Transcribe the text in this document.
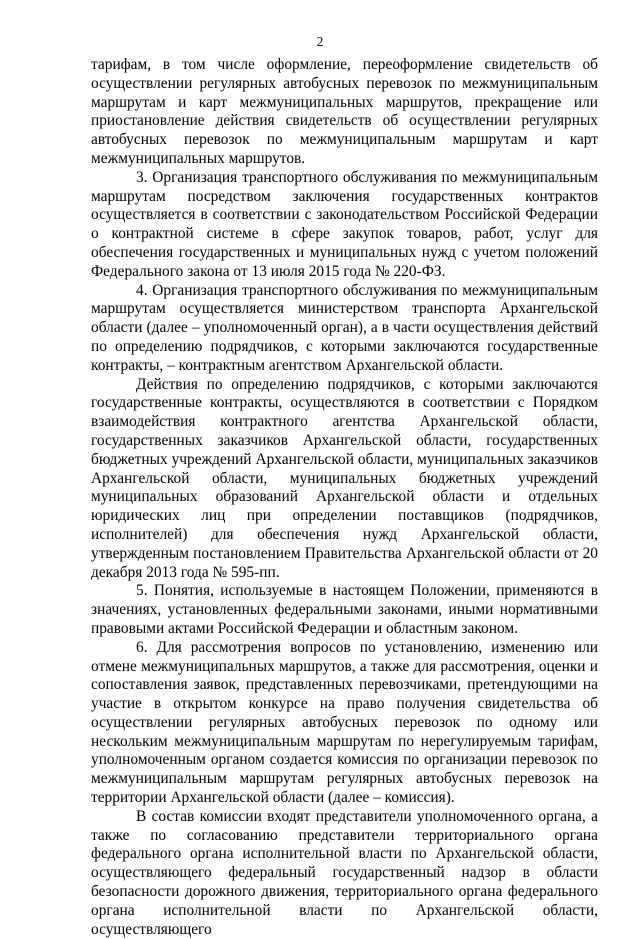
2

тарифам, в том числе оформление, переоформление свидетельств об осуществлении регулярных автобусных перевозок по межмуниципальным маршрутам и карт межмуниципальных маршрутов, прекращение или приостановление действия свидетельств об осуществлении регулярных автобусных перевозок по межмуниципальным маршрутам и карт межмуниципальных маршрутов.

3. Организация транспортного обслуживания по межмуниципальным маршрутам посредством заключения государственных контрактов осуществляется в соответствии с законодательством Российской Федерации о контрактной системе в сфере закупок товаров, работ, услуг для обеспечения государственных и муниципальных нужд с учетом положений Федерального закона от 13 июля 2015 года № 220-ФЗ.

4. Организация транспортного обслуживания по межмуниципальным маршрутам осуществляется министерством транспорта Архангельской области (далее – уполномоченный орган), а в части осуществления действий по определению подрядчиков, с которыми заключаются государственные контракты, – контрактным агентством Архангельской области.

Действия по определению подрядчиков, с которыми заключаются государственные контракты, осуществляются в соответствии с Порядком взаимодействия контрактного агентства Архангельской области, государственных заказчиков Архангельской области, государственных бюджетных учреждений Архангельской области, муниципальных заказчиков Архангельской области, муниципальных бюджетных учреждений муниципальных образований Архангельской области и отдельных юридических лиц при определении поставщиков (подрядчиков, исполнителей) для обеспечения нужд Архангельской области, утвержденным постановлением Правительства Архангельской области от 20 декабря 2013 года № 595-пп.

5. Понятия, используемые в настоящем Положении, применяются в значениях, установленных федеральными законами, иными нормативными правовыми актами Российской Федерации и областным законом.

6. Для рассмотрения вопросов по установлению, изменению или отмене межмуниципальных маршрутов, а также для рассмотрения, оценки и сопоставления заявок, представленных перевозчиками, претендующими на участие в открытом конкурсе на право получения свидетельства об осуществлении регулярных автобусных перевозок по одному или нескольким межмуниципальным маршрутам по нерегулируемым тарифам, уполномоченным органом создается комиссия по организации перевозок по межмуниципальным маршрутам регулярных автобусных перевозок на территории Архангельской области (далее – комиссия).

В состав комиссии входят представители уполномоченного органа, а также по согласованию представители территориального органа федерального органа исполнительной власти по Архангельской области, осуществляющего федеральный государственный надзор в области безопасности дорожного движения, территориального органа федерального органа исполнительной власти по Архангельской области, осуществляющего
